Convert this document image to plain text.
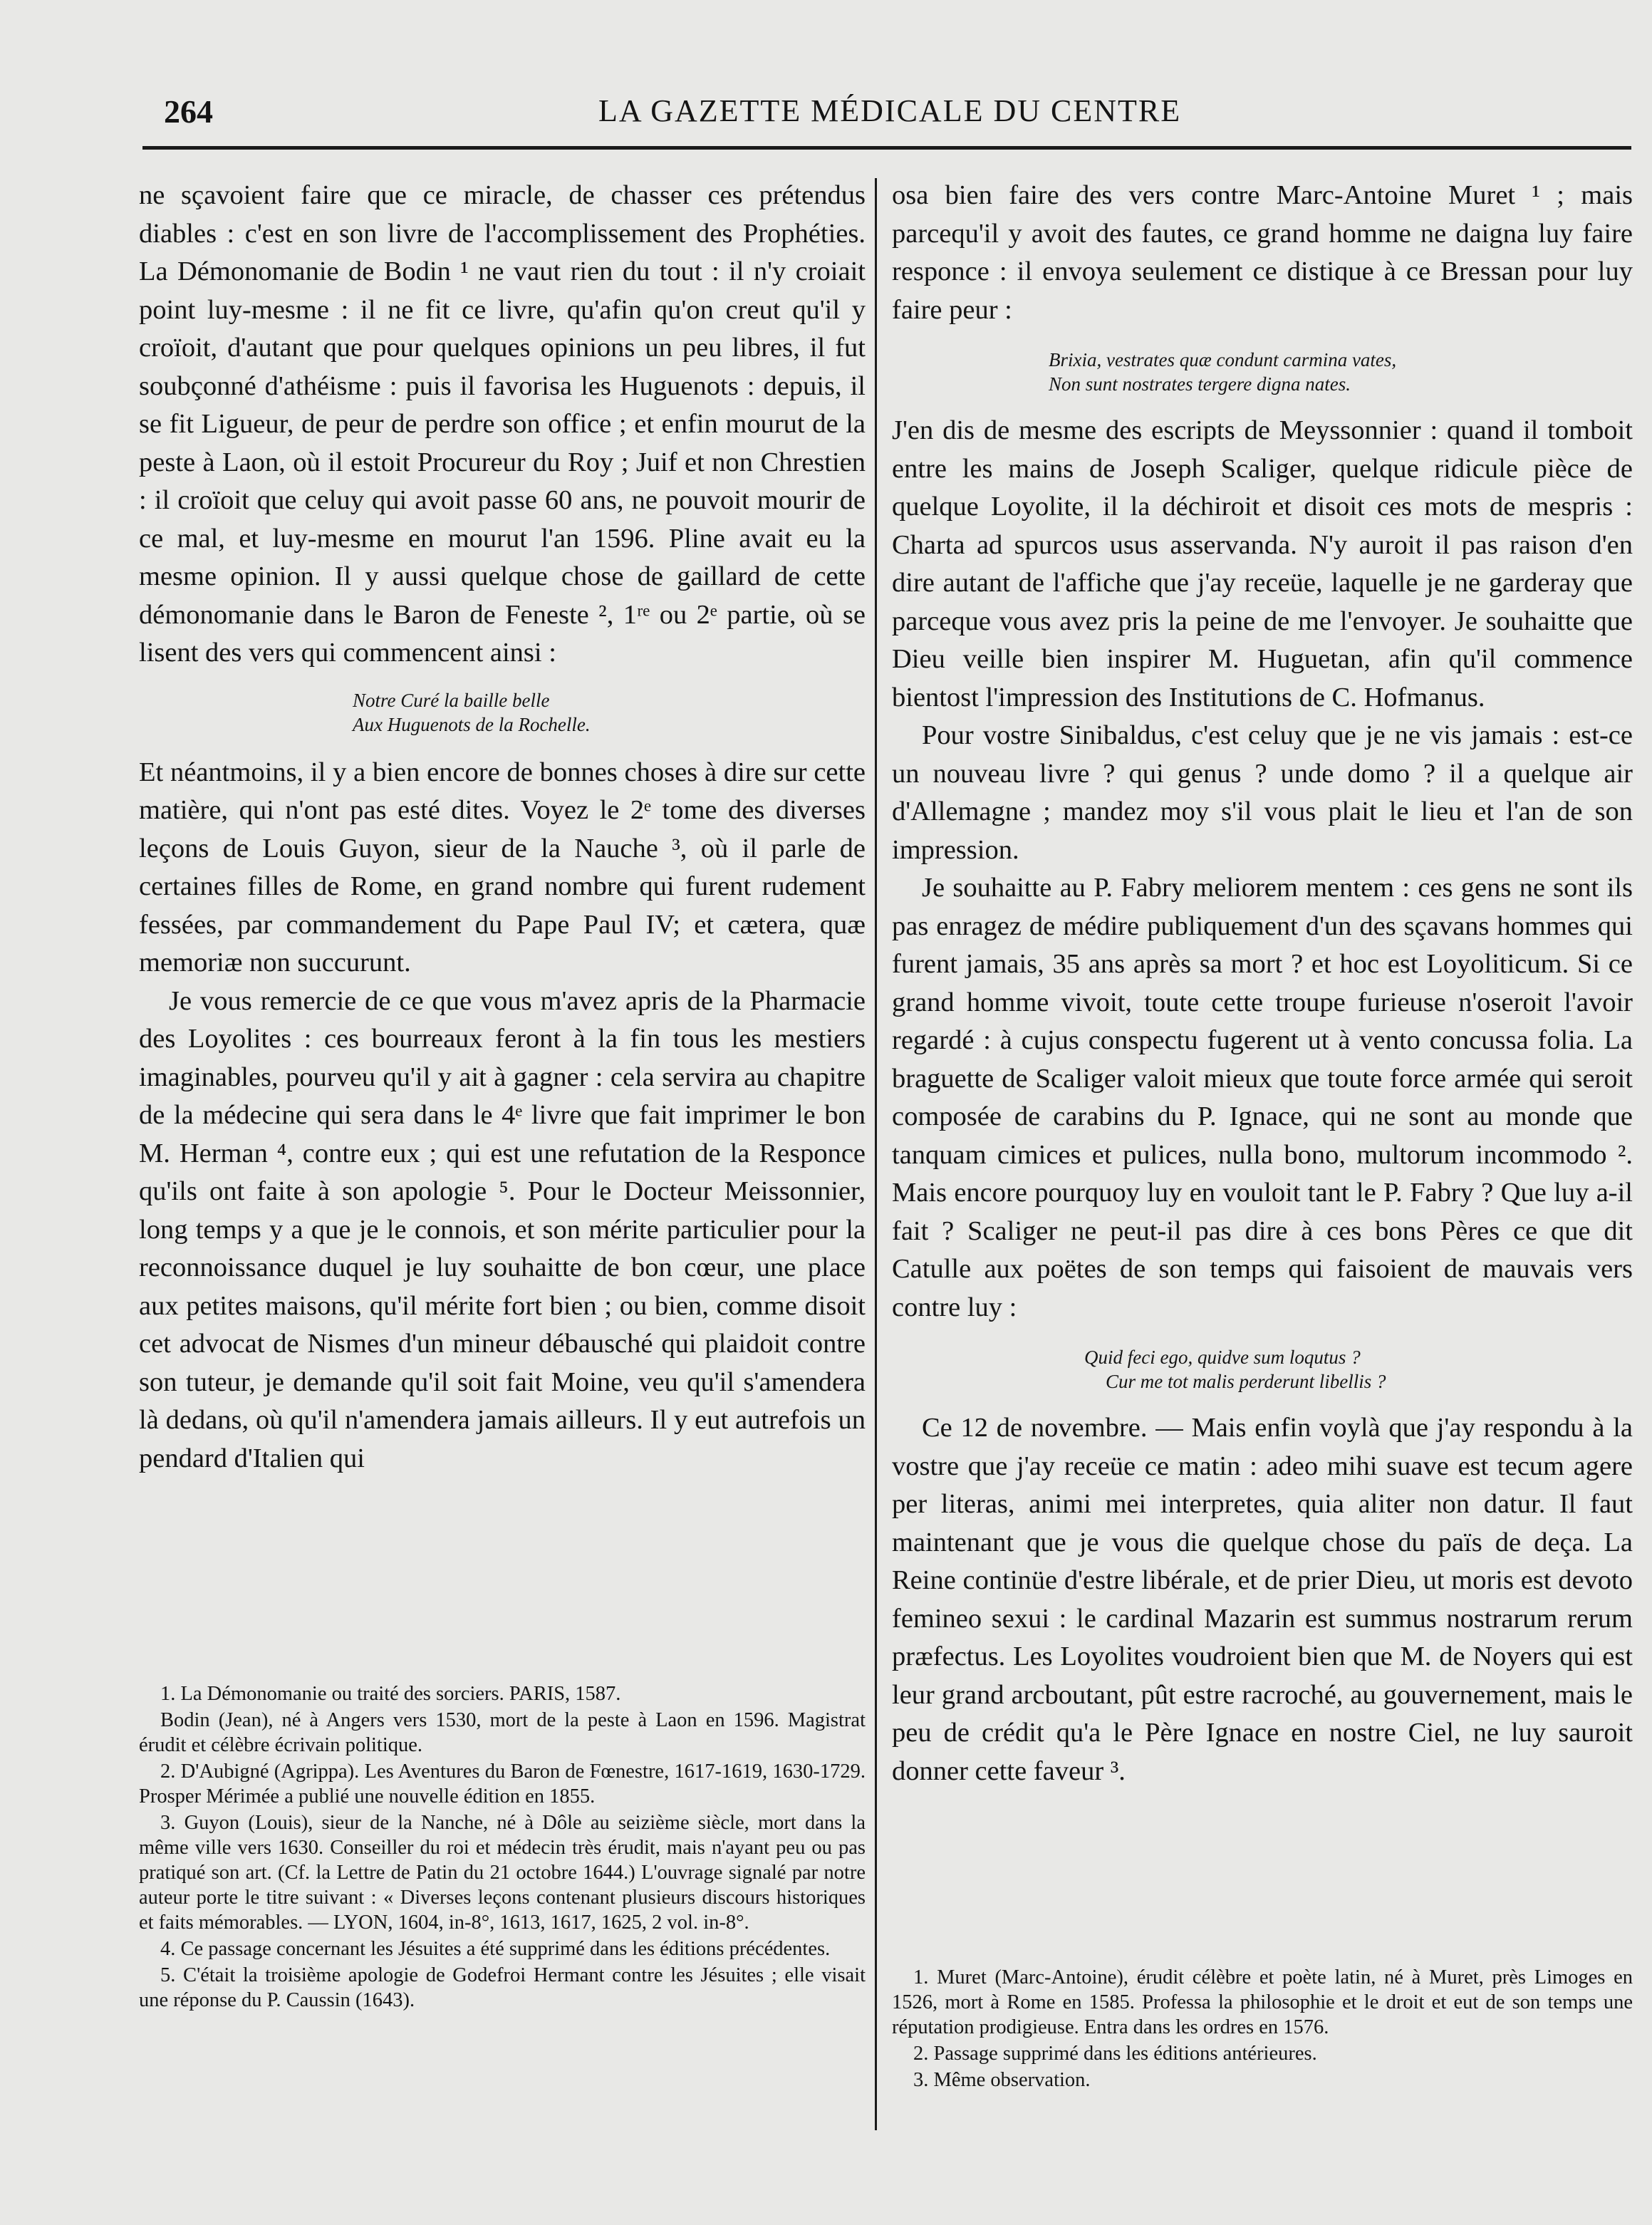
264	LA GAZETTE MÉDICALE DU CENTRE

ne sçavoient faire que ce miracle, de chasser ces prétendus diables : c'est en son livre de l'accomplissement des Prophéties. La Démonomanie de Bodin ¹ ne vaut rien du tout : il n'y croiait point luy-mesme : il ne fit ce livre, qu'afin qu'on creut qu'il y croïoit, d'autant que pour quelques opinions un peu libres, il fut soubçonné d'athéisme : puis il favorisa les Huguenots : depuis, il se fit Ligueur, de peur de perdre son office ; et enfin mourut de la peste à Laon, où il estoit Procureur du Roy ; Juif et non Chrestien : il croïoit que celuy qui avoit passe 60 ans, ne pouvoit mourir de ce mal, et luy-mesme en mourut l'an 1596. Pline avait eu la mesme opinion. Il y aussi quelque chose de gaillard de cette démonomanie dans le Baron de Feneste ², 1ʳᵉ ou 2ᵉ partie, où se lisent des vers qui commencent ainsi :

Notre Curé la baille belle
Aux Huguenots de la Rochelle.

Et néantmoins, il y a bien encore de bonnes choses à dire sur cette matière, qui n'ont pas esté dites. Voyez le 2ᵉ tome des diverses leçons de Louis Guyon, sieur de la Nauche ³, où il parle de certaines filles de Rome, en grand nombre qui furent rudement fessées, par commandement du Pape Paul IV; et cætera, quæ memoriæ non succurunt.

Je vous remercie de ce que vous m'avez apris de la Pharmacie des Loyolites : ces bourreaux feront à la fin tous les mestiers imaginables, pourveu qu'il y ait à gagner : cela servira au chapitre de la médecine qui sera dans le 4ᵉ livre que fait imprimer le bon M. Herman ⁴, contre eux ; qui est une refutation de la Responce qu'ils ont faite à son apologie ⁵. Pour le Docteur Meissonnier, long temps y a que je le connois, et son mérite particulier pour la reconnoissance duquel je luy souhaitte de bon cœur, une place aux petites maisons, qu'il mérite fort bien ; ou bien, comme disoit cet advocat de Nismes d'un mineur débausché qui plaidoit contre son tuteur, je demande qu'il soit fait Moine, veu qu'il s'amendera là dedans, où qu'il n'amendera jamais ailleurs. Il y eut autrefois un pendard d'Italien qui

osa bien faire des vers contre Marc-Antoine Muret ¹ ; mais parcequ'il y avoit des fautes, ce grand homme ne daigna luy faire responce : il envoya seulement ce distique à ce Bressan pour luy faire peur :

Brixia, vestrates quæ condunt carmina vates,
Non sunt nostrates tergere digna nates.

J'en dis de mesme des escripts de Meyssonnier : quand il tomboit entre les mains de Joseph Scaliger, quelque ridicule pièce de quelque Loyolite, il la déchiroit et disoit ces mots de mespris : Charta ad spurcos usus asservanda. N'y auroit il pas raison d'en dire autant de l'affiche que j'ay receüe, laquelle je ne garderay que parceque vous avez pris la peine de me l'envoyer. Je souhaitte que Dieu veille bien inspirer M. Huguetan, afin qu'il commence bientost l'impression des Institutions de C. Hofmanus.

Pour vostre Sinibaldus, c'est celuy que je ne vis jamais : est-ce un nouveau livre ? qui genus ? unde domo ? il a quelque air d'Allemagne ; mandez moy s'il vous plait le lieu et l'an de son impression.

Je souhaitte au P. Fabry meliorem mentem : ces gens ne sont ils pas enragez de médire publiquement d'un des sçavans hommes qui furent jamais, 35 ans après sa mort ? et hoc est Loyoliticum. Si ce grand homme vivoit, toute cette troupe furieuse n'oseroit l'avoir regardé : à cujus conspectu fugerent ut à vento concussa folia. La braguette de Scaliger valoit mieux que toute force armée qui seroit composée de carabins du P. Ignace, qui ne sont au monde que tanquam cimices et pulices, nulla bono, multorum incommodo ². Mais encore pourquoy luy en vouloit tant le P. Fabry ? Que luy a-il fait ? Scaliger ne peut-il pas dire à ces bons Pères ce que dit Catulle aux poëtes de son temps qui faisoient de mauvais vers contre luy :

Quid feci ego, quidve sum loqutus ?
Cur me tot malis perderunt libellis ?

Ce 12 de novembre. — Mais enfin voylà que j'ay respondu à la vostre que j'ay receüe ce matin : adeo mihi suave est tecum agere per literas, animi mei interpretes, quia aliter non datur. Il faut maintenant que je vous die quelque chose du païs de deça. La Reine continüe d'estre libérale, et de prier Dieu, ut moris est devoto femineo sexui : le cardinal Mazarin est summus nostrarum rerum præfectus. Les Loyolites voudroient bien que M. de Noyers qui est leur grand arcboutant, pût estre racroché, au gouvernement, mais le peu de crédit qu'a le Père Ignace en nostre Ciel, ne luy sauroit donner cette faveur ³.

1. La Démonomanie ou traité des sorciers. PARIS, 1587.

Bodin (Jean), né à Angers vers 1530, mort de la peste à Laon en 1596. Magistrat érudit et célèbre écrivain politique.

2. D'Aubigné (Agrippa). Les Aventures du Baron de Fœnestre, 1617-1619, 1630-1729. Prosper Mérimée a publié une nouvelle édition en 1855.

3. Guyon (Louis), sieur de la Nanche, né à Dôle au seizième siècle, mort dans la même ville vers 1630. Conseiller du roi et médecin très érudit, mais n'ayant peu ou pas pratiqué son art. (Cf. la Lettre de Patin du 21 octobre 1644.) L'ouvrage signalé par notre auteur porte le titre suivant : « Diverses leçons contenant plusieurs discours historiques et faits mémorables. — LYON, 1604, in-8°, 1613, 1617, 1625, 2 vol. in-8°.

4. Ce passage concernant les Jésuites a été supprimé dans les éditions précédentes.

5. C'était la troisième apologie de Godefroi Hermant contre les Jésuites ; elle visait une réponse du P. Caussin (1643).

1. Muret (Marc-Antoine), érudit célèbre et poète latin, né à Muret, près Limoges en 1526, mort à Rome en 1585. Professa la philosophie et le droit et eut de son temps une réputation prodigieuse. Entra dans les ordres en 1576.

2. Passage supprimé dans les éditions antérieures.

3. Même observation.
